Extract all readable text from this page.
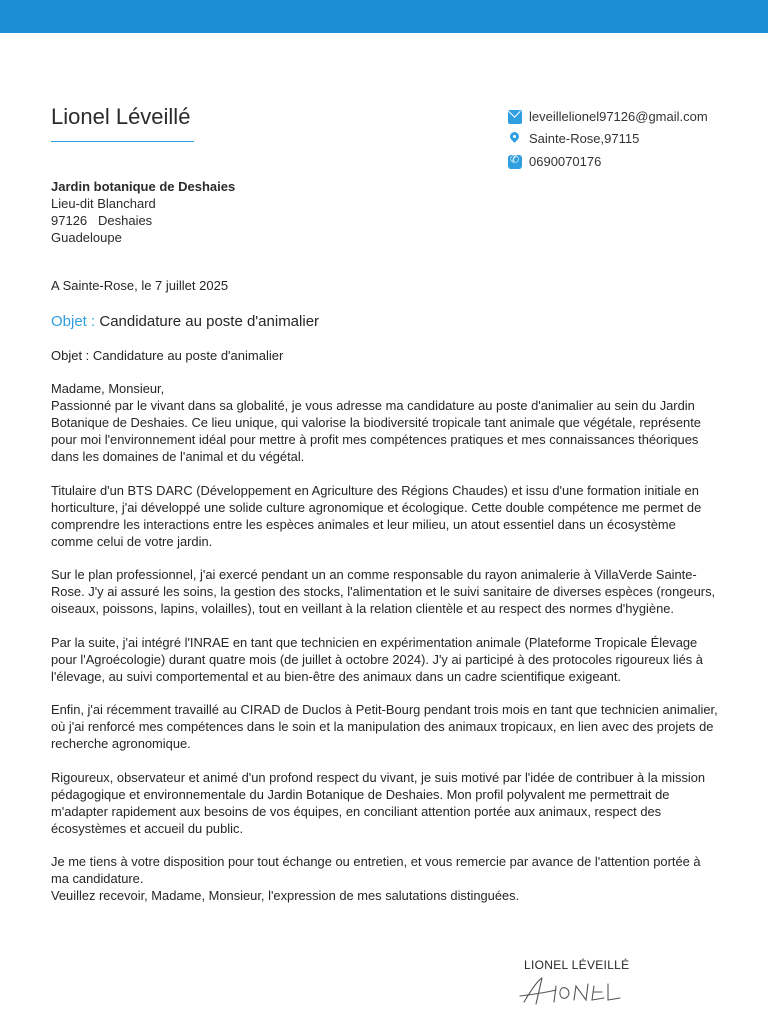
Lionel Léveillé	leveillelionel97126@gmail.com
Sainte-Rose,97115
✆
0690070176
Jardin botanique de Deshaies
Lieu-dit Blanchard
97126   Deshaies
Guadeloupe
A Sainte-Rose, le 7 juillet 2025
Objet : Candidature au poste d'animalier
Objet : Candidature au poste d'animalier

Madame, Monsieur,

Passionné par le vivant dans sa globalité, je vous adresse ma candidature au poste d'animalier au sein du Jardin Botanique de Deshaies. Ce lieu unique, qui valorise la biodiversité tropicale tant animale que végétale, représente pour moi l'environnement idéal pour mettre à profit mes compétences pratiques et mes connaissances théoriques dans les domaines de l'animal et du végétal.

Titulaire d'un BTS DARC (Développement en Agriculture des Régions Chaudes) et issu d'une formation initiale en horticulture, j'ai développé une solide culture agronomique et écologique. Cette double compétence me permet de comprendre les interactions entre les espèces animales et leur milieu, un atout essentiel dans un écosystème comme celui de votre jardin.

Sur le plan professionnel, j'ai exercé pendant un an comme responsable du rayon animalerie à VillaVerde Sainte-Rose. J'y ai assuré les soins, la gestion des stocks, l'alimentation et le suivi sanitaire de diverses espèces (rongeurs, oiseaux, poissons, lapins, volailles), tout en veillant à la relation clientèle et au respect des normes d'hygiène.

Par la suite, j'ai intégré l'INRAE en tant que technicien en expérimentation animale (Plateforme Tropicale Élevage pour l'Agroécologie) durant quatre mois (de juillet à octobre 2024). J'y ai participé à des protocoles rigoureux liés à l'élevage, au suivi comportemental et au bien-être des animaux dans un cadre scientifique exigeant.

Enfin, j'ai récemment travaillé au CIRAD de Duclos à Petit-Bourg pendant trois mois en tant que technicien animalier, où j'ai renforcé mes compétences dans le soin et la manipulation des animaux tropicaux, en lien avec des projets de recherche agronomique.

Rigoureux, observateur et animé d'un profond respect du vivant, je suis motivé par l'idée de contribuer à la mission pédagogique et environnementale du Jardin Botanique de Deshaies. Mon profil polyvalent me permettrait de m'adapter rapidement aux besoins de vos équipes, en conciliant attention portée aux animaux, respect des écosystèmes et accueil du public.

Je me tiens à votre disposition pour tout échange ou entretien, et vous remercie par avance de l'attention portée à ma candidature.

Veuillez recevoir, Madame, Monsieur, l'expression de mes salutations distinguées.

LIONEL LÉVEILLÉ
